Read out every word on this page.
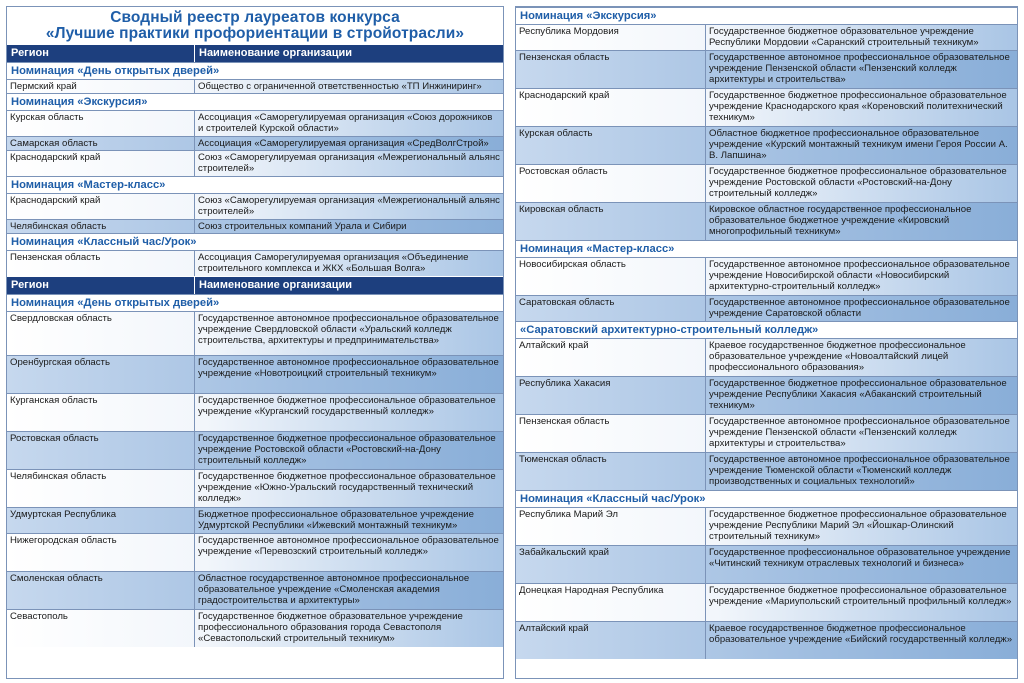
Сводный реестр лауреатов конкурса
«Лучшие практики профориентации в стройотрасли»
Регион	Наименование организации
Номинация «День открытых дверей»
Пермский край	Общество с ограниченной ответственностью «ТП Инжиниринг»
Номинация «Экскурсия»
Курская область	Ассоциация «Саморегулируемая организация «Союз дорожников и строителей Курской области»
Самарская область	Ассоциация «Саморегулируемая организация «СредВолгСтрой»
Краснодарский край	Союз «Саморегулируемая организация «Межрегиональный альянс строителей»
Номинация «Мастер-класс»
Краснодарский край	Союз «Саморегулируемая организация «Межрегиональный альянс строителей»
Челябинская область	Союз строительных компаний Урала и Сибири
Номинация «Классный час/Урок»
Пензенская область	Ассоциация Саморегулируемая организация «Объединение строительного комплекса и ЖКХ «Большая Волга»
Регион	Наименование организации
Номинация «День открытых дверей»
Свердловская область	Государственное автономное профессиональное образовательное учреждение Свердловской области «Уральский колледж строительства, архитектуры и предпринимательства»
Оренбургская область	Государственное автономное профессиональное образовательное учреждение «Новотроицкий строительный техникум»
Курганская область	Государственное бюджетное профессиональное образовательное учреждение «Курганский государственный колледж»
Ростовская область	Государственное бюджетное профессиональное образовательное учреждение Ростовской области «Ростовский-на-Дону строительный колледж»
Челябинская область	Государственное бюджетное профессиональное образовательное учреждение «Южно-Уральский государственный технический колледж»
Удмуртская Республика	Бюджетное профессиональное образовательное учреждение Удмуртской Республики «Ижевский монтажный техникум»
Нижегородская область	Государственное автономное профессиональное образовательное учреждение «Перевозский строительный колледж»
Смоленская область	Областное государственное автономное профессиональное образовательное учреждение «Смоленская академия градостроительства и архитектуры»
Севастополь	Государственное бюджетное образовательное учреждение профессионального образования города Севастополя «Севастопольский строительный техникум»
Номинация «Экскурсия»
Республика Мордовия	Государственное бюджетное образовательное учреждение Республики Мордовии «Саранский строительный техникум»
Пензенская область	Государственное автономное профессиональное образовательное учреждение Пензенской области «Пензенский колледж архитектуры и строительства»
Краснодарский край	Государственное бюджетное профессиональное образовательное учреждение Краснодарского края «Кореновский политехнический техникум»
Курская область	Областное бюджетное профессиональное образовательное учреждение «Курский монтажный техникум имени Героя России А. В. Лапшина»
Ростовская область	Государственное бюджетное профессиональное образовательное учреждение Ростовской области «Ростовский-на-Дону строительный колледж»
Кировская область	Кировское областное государственное профессиональное образовательное бюджетное учреждение «Кировский многопрофильный техникум»
Номинация «Мастер-класс»
Новосибирская область	Государственное автономное профессиональное образовательное учреждение Новосибирской области «Новосибирский архитектурно-строительный колледж»
Саратовская область	Государственное автономное профессиональное образовательное учреждение Саратовской области
«Саратовский архитектурно-строительный колледж»
Алтайский край	Краевое государственное бюджетное профессиональное образовательное учреждение «Новоалтайский лицей профессионального образования»
Республика Хакасия	Государственное бюджетное профессиональное образовательное учреждение Республики Хакасия «Абаканский строительный техникум»
Пензенская область	Государственное автономное профессиональное образовательное учреждение Пензенской области «Пензенский колледж архитектуры и строительства»
Тюменская область	Государственное автономное профессиональное образовательное учреждение Тюменской области «Тюменский колледж производственных и социальных технологий»
Номинация «Классный час/Урок»
Республика Марий Эл	Государственное бюджетное профессиональное образовательное учреждение Республики Марий Эл «Йошкар-Олинский строительный техникум»
Забайкальский край	Государственное профессиональное образовательное учреждение «Читинский техникум отраслевых технологий и бизнеса»
Донецкая Народная Республика	Государственное бюджетное профессиональное образовательное учреждение «Мариупольский строительный профильный колледж»
Алтайский край	Краевое государственное бюджетное профессиональное образовательное учреждение «Бийский государственный колледж»
